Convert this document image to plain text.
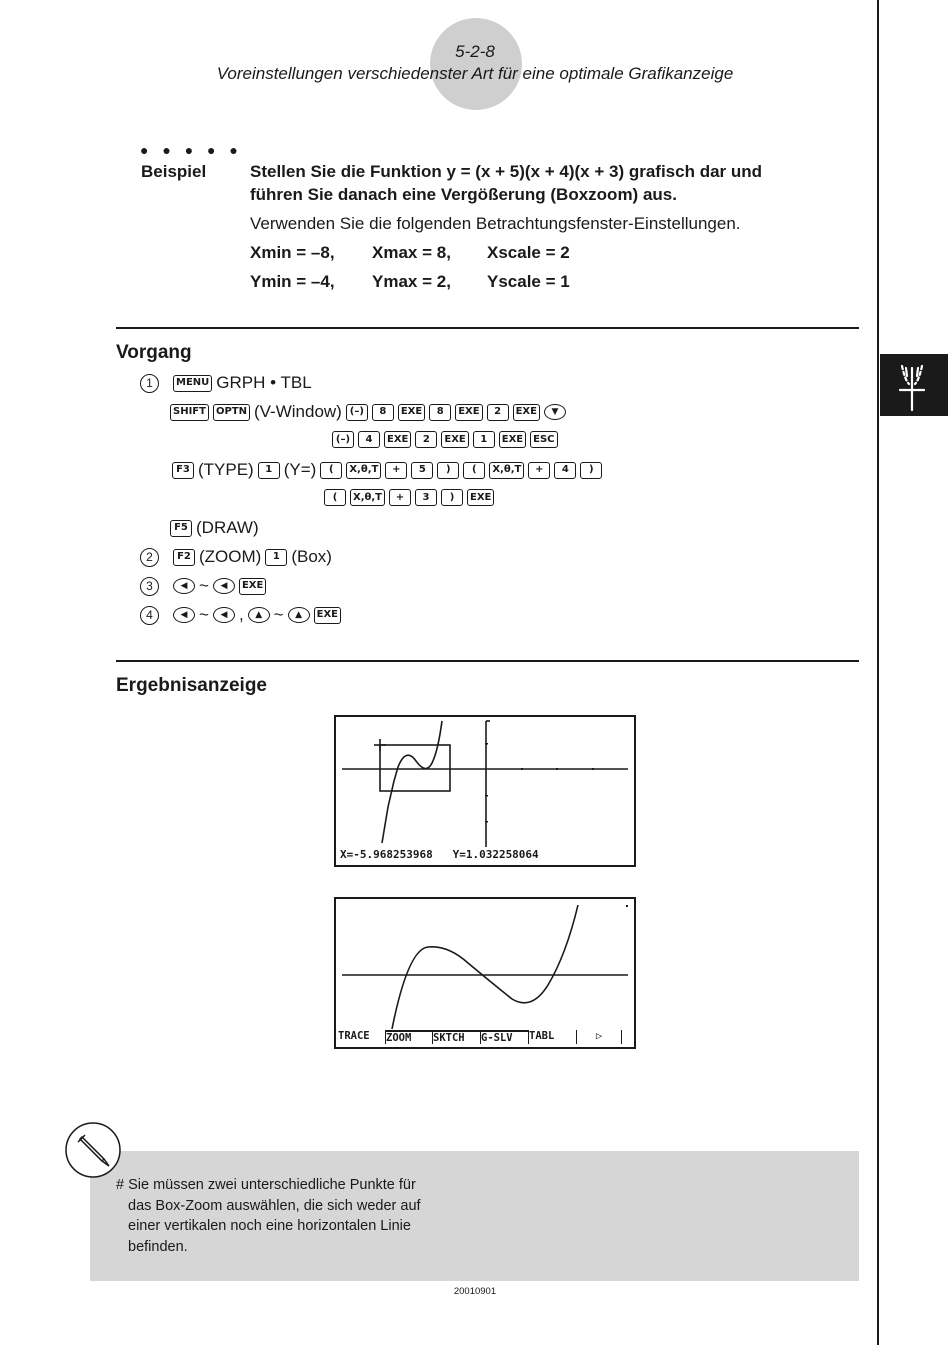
5-2-8
Voreinstellungen verschiedenster Art für eine optimale Grafikanzeige
● ● ● ● ●
Beispiel	Stellen Sie die Funktion y = (x + 5)(x + 4)(x + 3) grafisch dar und
führen Sie danach eine Vergößerung (Boxzoom) aus.
Verwenden Sie die folgenden Betrachtungsfenster-Einstellungen.
Xmin = –8, Xmax = 8, Xscale = 2
Ymin = –4, Ymax = 2, Yscale = 1
Vorgang
1	MENU GRPH • TBL
SHIFT	OPTN (V-Window) (–)	8	EXE	8	EXE	2	EXE	▼
(–)	4	EXE	2	EXE	1	EXE	ESC
F3 (TYPE)	1 (Y=)	(	X,θ,T	+	5	)	(	X,θ,T	+	4	)
(	X,θ,T	+	3	)	EXE
F5 (DRAW)
2	F2 (ZOOM)	1 (Box)
3	◀ ~	◀	EXE
4	◀ ~	◀ ,	▲ ~	▲	EXE
Ergebnisanzeige
X=-5.968253968   Y=1.032258064
TRACE	ZOOM	SKTCH	G-SLV	TABL	▷
# Sie müssen zwei unterschiedliche Punkte für
das Box-Zoom auswählen, die sich weder auf
einer vertikalen noch eine horizontalen Linie
befinden.
20010901
